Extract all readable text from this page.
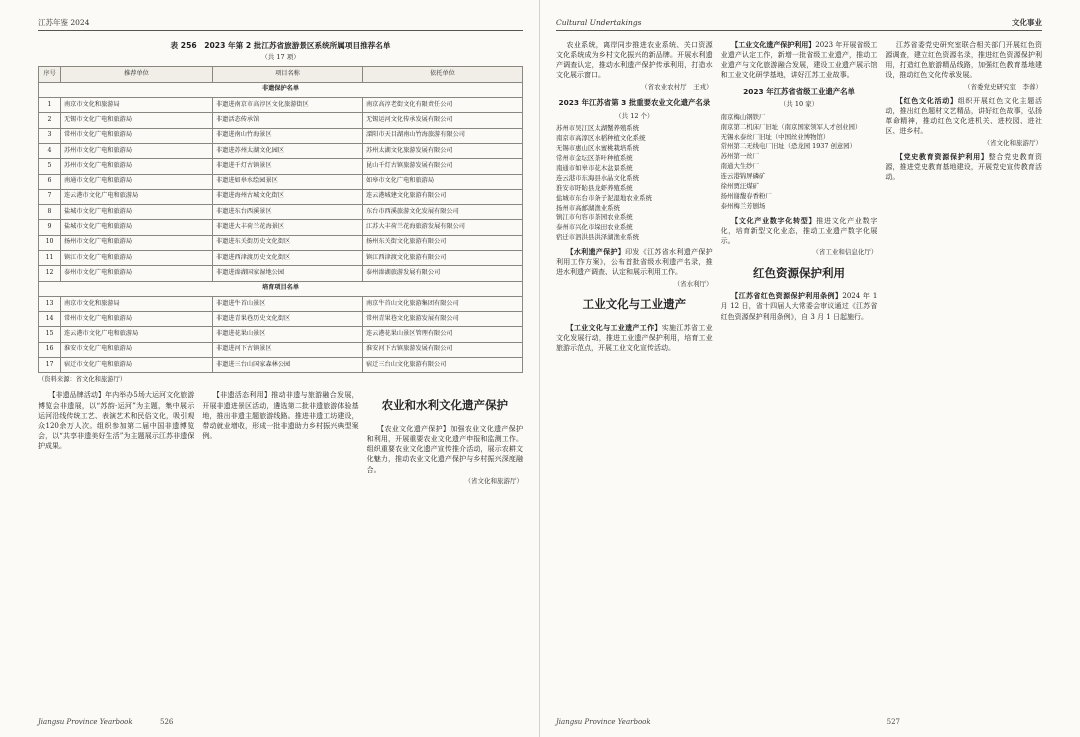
江苏年鉴 2024
表 256　2023 年第 2 批江苏省旅游景区系统所属项目推荐名单
（共 17 项）
序号	推荐单位	项目名称	依托单位
非遗保护名单			
1	南京市文化和旅游局	非遗进南京市高淳区文化旅游街区	南京高淳老街文化有限责任公司
2	无锡市文化广电和旅游局	非遗活态传承馆	无锡运河文化传承发展有限公司
3	常州市文化广电和旅游局	非遗进南山竹海景区	溧阳市天目湖南山竹海旅游有限公司
4	苏州市文化广电和旅游局	非遗进苏州太湖文化园区	苏州太湖文化旅游发展有限公司
5	苏州市文化广电和旅游局	非遗进千灯古镇景区	昆山千灯古镇旅游发展有限公司
6	南通市文化广电和旅游局	非遗进如皋水绘园景区	如皋市文化广电和旅游局
7	连云港市文化广电和旅游局	非遗进海州古城文化街区	连云港城建文化旅游有限公司
8	盐城市文化广电和旅游局	非遗进东台西溪景区	东台市西溪旅游文化发展有限公司
9	盐城市文化广电和旅游局	非遗进大丰荷兰花海景区	江苏大丰荷兰花海旅游发展有限公司
10	扬州市文化广电和旅游局	非遗进东关街历史文化街区	扬州东关街文化旅游有限公司
11	镇江市文化广电和旅游局	非遗进西津渡历史文化街区	镇江西津渡文化旅游有限公司
12	泰州市文化广电和旅游局	非遗进溱湖国家湿地公园	泰州溱湖旅游发展有限公司
培育项目名单			
13	南京市文化和旅游局	非遗进牛首山景区	南京牛首山文化旅游集团有限公司
14	常州市文化广电和旅游局	非遗进青果巷历史文化街区	常州青果巷文化旅游发展有限公司
15	连云港市文化广电和旅游局	非遗进花果山景区	连云港花果山景区管理有限公司
16	淮安市文化广电和旅游局	非遗进河下古镇景区	淮安河下古镇旅游发展有限公司
17	宿迁市文化广电和旅游局	非遗进三台山国家森林公园	宿迁三台山文化旅游有限公司
（资料来源：省文化和旅游厅）

【非遗品牌活动】年内举办5场大运河文化旅游博览会非遗展，以“苏韵·运河”为主题，集中展示运河沿线传统工艺、表演艺术和民俗文化，吸引观众120余万人次。组织参加第二届中国非遗博览会，以“共享非遗美好生活”为主题展示江苏非遗保护成果。

【非遗活态利用】推动非遗与旅游融合发展，开展非遗进景区活动，遴选第二批非遗旅游体验基地，推出非遗主题旅游线路。推进非遗工坊建设，带动就业增收，形成一批非遗助力乡村振兴典型案例。

农业和水利文化遗产保护

【农业文化遗产保护】加强农业文化遗产保护和利用，开展重要农业文化遗产申报和监测工作。组织重要农业文化遗产宣传推介活动，展示农耕文化魅力，推动农业文化遗产保护与乡村振兴深度融合。

（省文化和旅游厅）
Jiangsu Province Yearbook	526
Cultural Undertakings	文化事业

农业系统，离岸同步推进农业系统、关口资源文化系统成为乡村文化振兴的新品牌。开展水利遗产调查认定，推动水利遗产保护传承利用，打造水文化展示窗口。

（省农业农村厅　王戎）
2023 年江苏省第 3 批重要农业文化遗产名录
（共 12 个）
苏州市吴江区太湖蟹养殖系统
南京市高淳区水稻种植文化系统
无锡市惠山区水蜜桃栽培系统
常州市金坛区茶叶种植系统
南通市如皋市花木盆景系统
连云港市东海县水晶文化系统
淮安市盱眙县龙虾养殖系统
盐城市东台市条子泥湿地农业系统
扬州市高邮湖渔业系统
镇江市句容市茶园农业系统
泰州市兴化市垛田农业系统
宿迁市泗洪县洪泽湖渔业系统

【水利遗产保护】印发《江苏省水利遗产保护利用工作方案》，公布首批省级水利遗产名录，推进水利遗产调查、认定和展示利用工作。

（省水利厅）
工业文化与工业遗产

【工业文化与工业遗产工作】实施江苏省工业文化发展行动，推进工业遗产保护利用，培育工业旅游示范点，开展工业文化宣传活动。

【工业文化遗产保护利用】2023 年开展省级工业遗产认定工作，新增一批省级工业遗产，推动工业遗产与文化旅游融合发展，建设工业遗产展示馆和工业文化研学基地，讲好江苏工业故事。

2023 年江苏省省级工业遗产名单
（共 10 家）
南京梅山钢铁厂
南京第二机床厂旧址（南京国家领军人才创业园）
无锡永泰丝厂旧址（中国丝业博物馆）
常州第二无线电厂旧址（恐龙园 1937 创意园）
苏州第一丝厂
南通大生纱厂
连云港锦屏磷矿
徐州贾汪煤矿
扬州谢馥春香粉厂
泰州梅兰芳剧场

【文化产业数字化转型】推进文化产业数字化，培育新型文化业态，推动工业遗产数字化展示。

（省工业和信息化厅）
红色资源保护利用

【江苏省红色资源保护利用条例】2024 年 1 月 12 日，省十四届人大常委会审议通过《江苏省红色资源保护利用条例》，自 3 月 1 日起施行。

江苏省委党史研究室联合相关部门开展红色资源调查，建立红色资源名录，推进红色资源保护利用，打造红色旅游精品线路，加强红色教育基地建设，推动红色文化传承发展。

（省委党史研究室　李蓉）

【红色文化活动】组织开展红色文化主题活动，推出红色题材文艺精品，讲好红色故事，弘扬革命精神，推动红色文化进机关、进校园、进社区、进乡村。

（省文化和旅游厅）

【党史教育资源保护利用】整合党史教育资源，推进党史教育基地建设，开展党史宣传教育活动。

Jiangsu Province Yearbook	527
